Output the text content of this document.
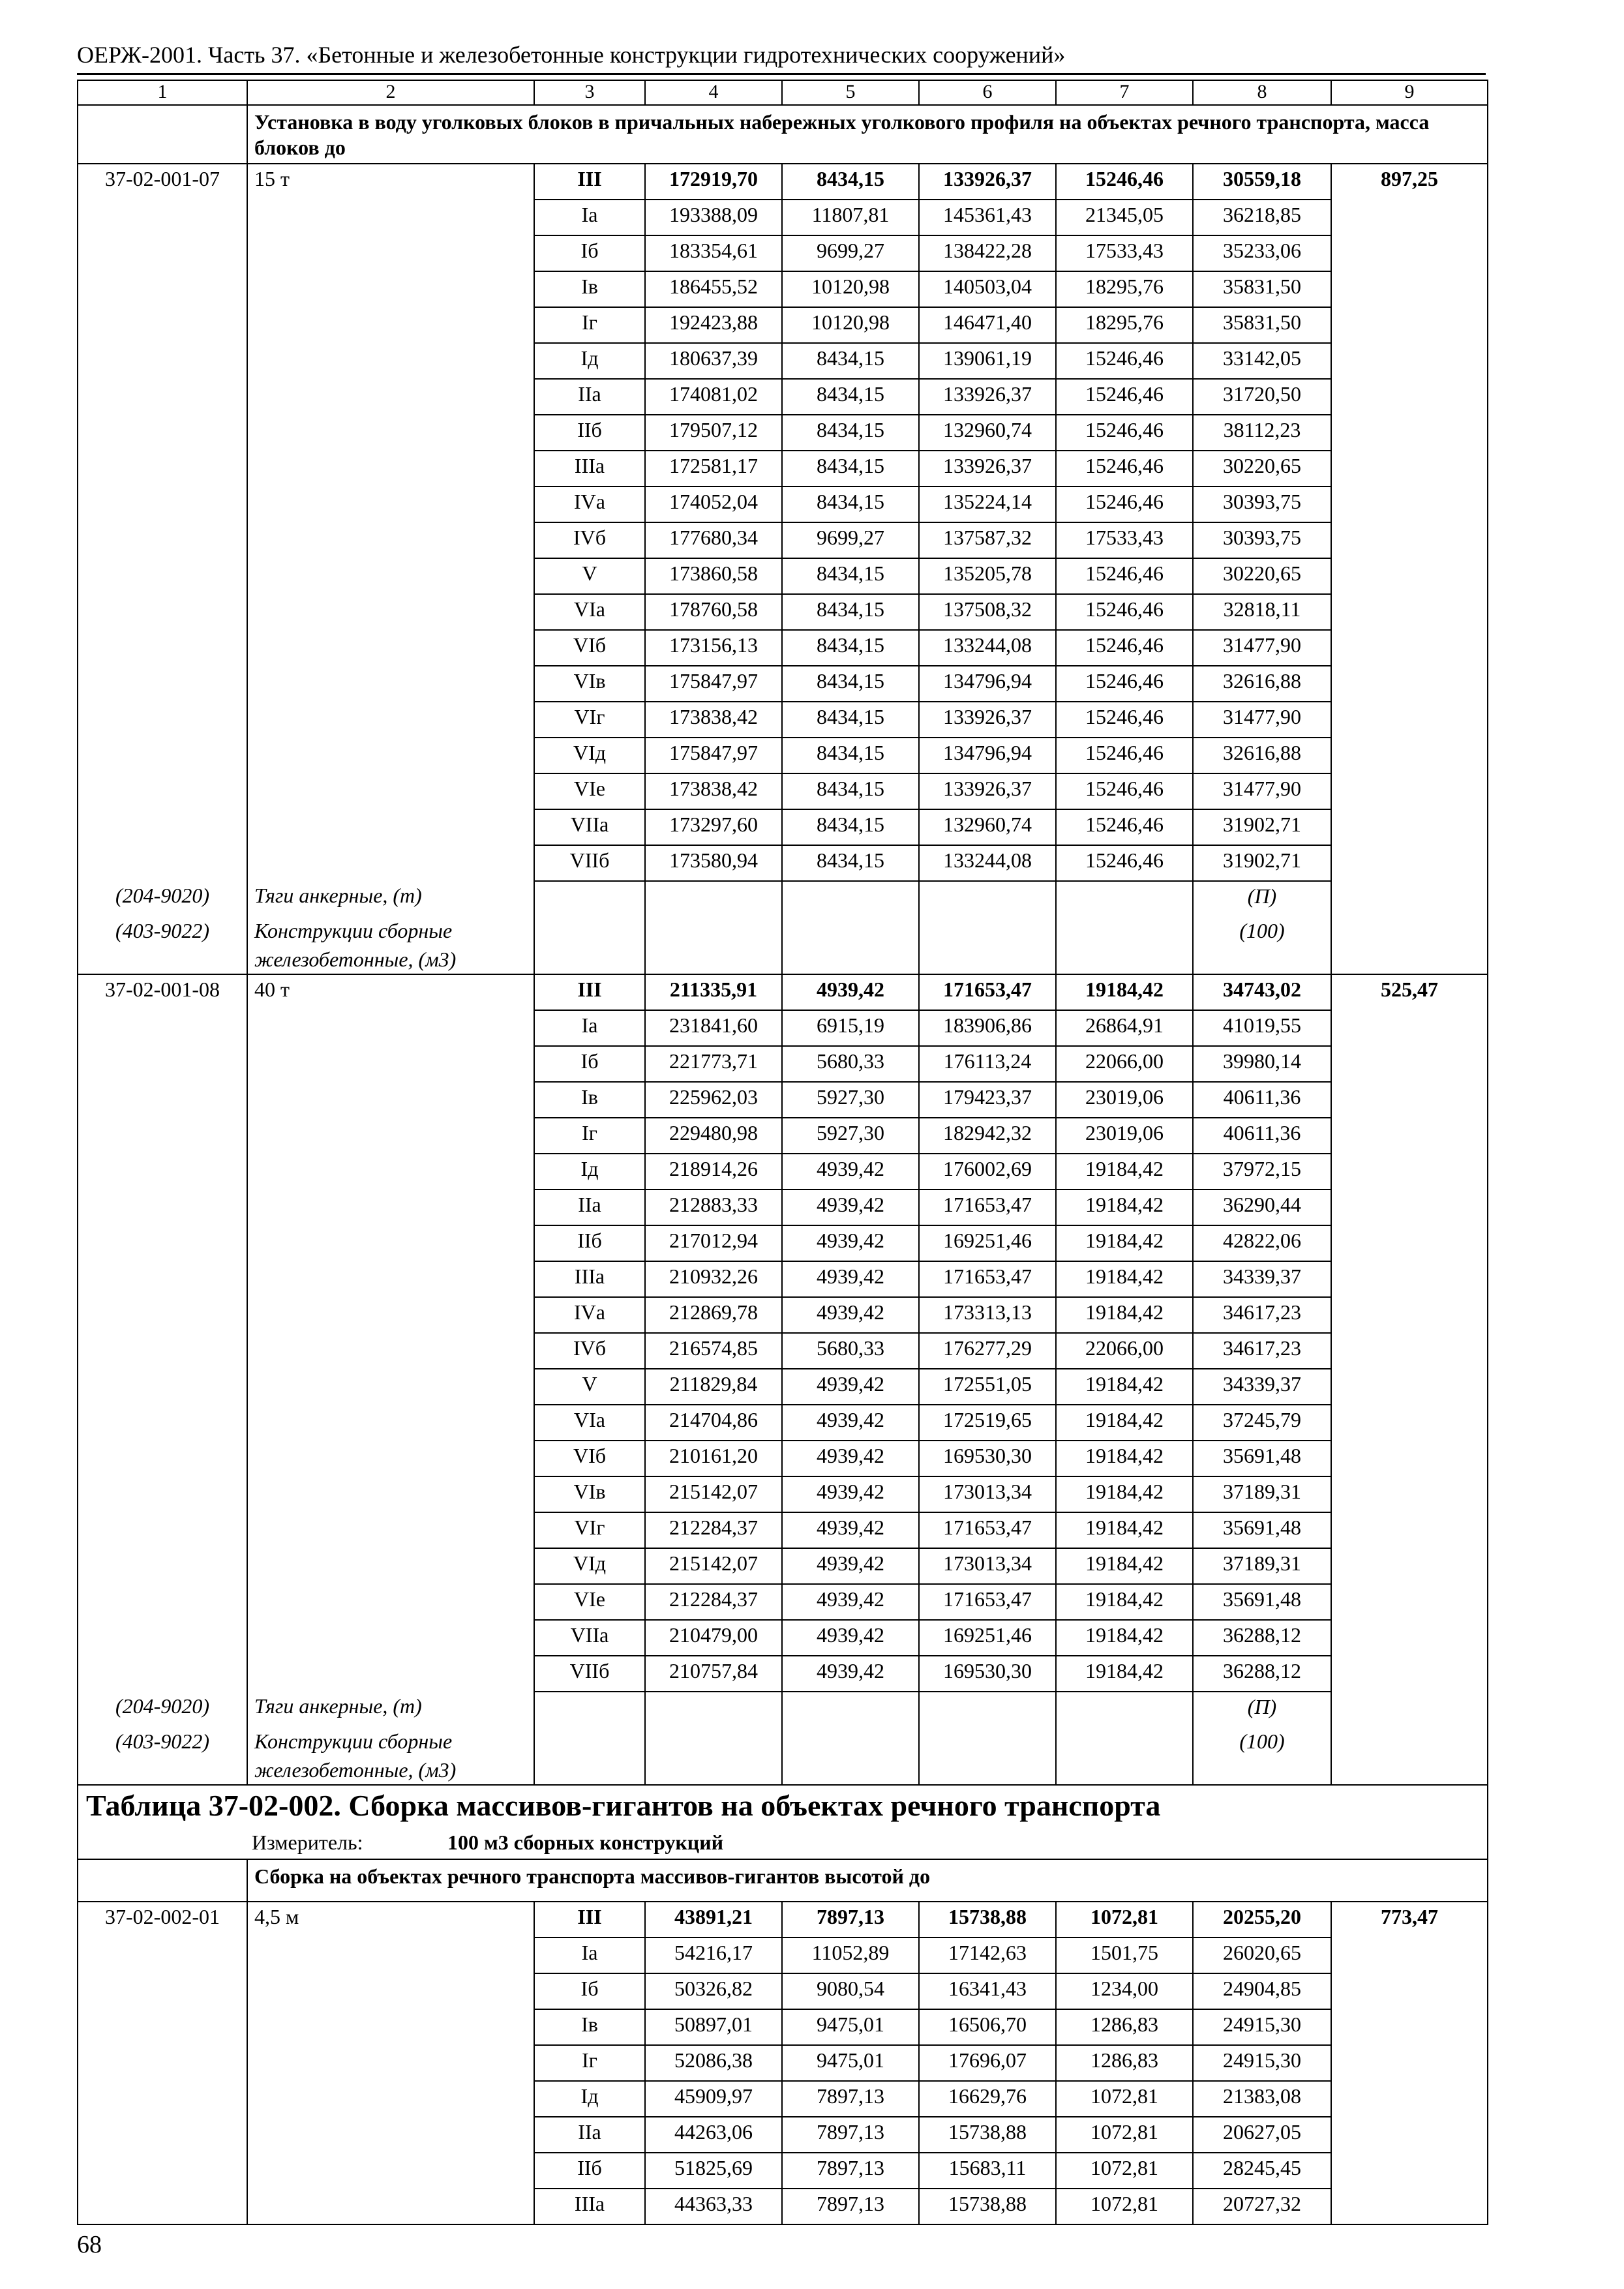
ОЕРЖ-2001. Часть 37. «Бетонные и железобетонные конструкции гидротехнических сооружений»
1	2	3	4	5	6	7	8	9
	Установка в воду уголковых блоков в причальных набережных уголкового профиля на объектах речного транспорта, масса блоков до							
37-02-001-07	15 т	III	172919,70	8434,15	133926,37	15246,46	30559,18	897,25
		Iа	193388,09	11807,81	145361,43	21345,05	36218,85	
		Iб	183354,61	9699,27	138422,28	17533,43	35233,06	
		Iв	186455,52	10120,98	140503,04	18295,76	35831,50	
		Iг	192423,88	10120,98	146471,40	18295,76	35831,50	
		Iд	180637,39	8434,15	139061,19	15246,46	33142,05	
		IIа	174081,02	8434,15	133926,37	15246,46	31720,50	
		IIб	179507,12	8434,15	132960,74	15246,46	38112,23	
		IIIа	172581,17	8434,15	133926,37	15246,46	30220,65	
		IVа	174052,04	8434,15	135224,14	15246,46	30393,75	
		IVб	177680,34	9699,27	137587,32	17533,43	30393,75	
		V	173860,58	8434,15	135205,78	15246,46	30220,65	
		VIа	178760,58	8434,15	137508,32	15246,46	32818,11	
		VIб	173156,13	8434,15	133244,08	15246,46	31477,90	
		VIв	175847,97	8434,15	134796,94	15246,46	32616,88	
		VIг	173838,42	8434,15	133926,37	15246,46	31477,90	
		VIд	175847,97	8434,15	134796,94	15246,46	32616,88	
		VIе	173838,42	8434,15	133926,37	15246,46	31477,90	
		VIIа	173297,60	8434,15	132960,74	15246,46	31902,71	
		VIIб	173580,94	8434,15	133244,08	15246,46	31902,71	
(204-9020)	Тяги анкерные, (т)						(П)	
(403-9022)	Конструкции сборные железобетонные, (м3)						(100)	
37-02-001-08	40 т	III	211335,91	4939,42	171653,47	19184,42	34743,02	525,47
		Iа	231841,60	6915,19	183906,86	26864,91	41019,55	
		Iб	221773,71	5680,33	176113,24	22066,00	39980,14	
		Iв	225962,03	5927,30	179423,37	23019,06	40611,36	
		Iг	229480,98	5927,30	182942,32	23019,06	40611,36	
		Iд	218914,26	4939,42	176002,69	19184,42	37972,15	
		IIа	212883,33	4939,42	171653,47	19184,42	36290,44	
		IIб	217012,94	4939,42	169251,46	19184,42	42822,06	
		IIIа	210932,26	4939,42	171653,47	19184,42	34339,37	
		IVа	212869,78	4939,42	173313,13	19184,42	34617,23	
		IVб	216574,85	5680,33	176277,29	22066,00	34617,23	
		V	211829,84	4939,42	172551,05	19184,42	34339,37	
		VIа	214704,86	4939,42	172519,65	19184,42	37245,79	
		VIб	210161,20	4939,42	169530,30	19184,42	35691,48	
		VIв	215142,07	4939,42	173013,34	19184,42	37189,31	
		VIг	212284,37	4939,42	171653,47	19184,42	35691,48	
		VIд	215142,07	4939,42	173013,34	19184,42	37189,31	
		VIе	212284,37	4939,42	171653,47	19184,42	35691,48	
		VIIа	210479,00	4939,42	169251,46	19184,42	36288,12	
		VIIб	210757,84	4939,42	169530,30	19184,42	36288,12	
(204-9020)	Тяги анкерные, (т)						(П)	
(403-9022)	Конструкции сборные железобетонные, (м3)						(100)	
Таблица 37-02-002. Сборка массивов-гигантов на объектах речного транспорта								
Измеритель: 100 м3 сборных конструкций								
	Сборка на объектах речного транспорта массивов-гигантов высотой до							
37-02-002-01	4,5 м	III	43891,21	7897,13	15738,88	1072,81	20255,20	773,47
		Iа	54216,17	11052,89	17142,63	1501,75	26020,65	
		Iб	50326,82	9080,54	16341,43	1234,00	24904,85	
		Iв	50897,01	9475,01	16506,70	1286,83	24915,30	
		Iг	52086,38	9475,01	17696,07	1286,83	24915,30	
		Iд	45909,97	7897,13	16629,76	1072,81	21383,08	
		IIа	44263,06	7897,13	15738,88	1072,81	20627,05	
		IIб	51825,69	7897,13	15683,11	1072,81	28245,45	
		IIIа	44363,33	7897,13	15738,88	1072,81	20727,32	
68
